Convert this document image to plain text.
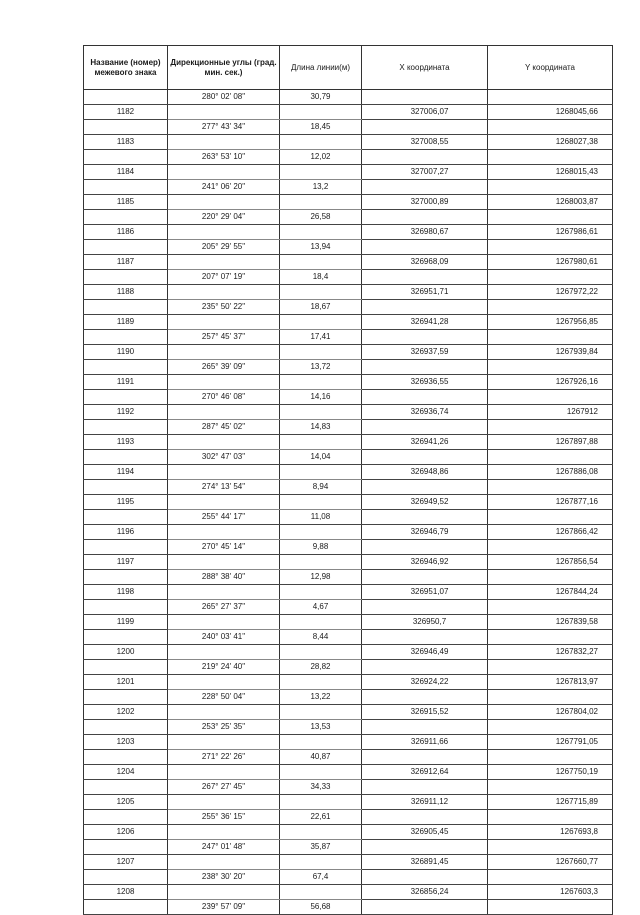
Название (номер) межевого знака	Дирекционные углы (град. мин. сек.)	Длина линии(м)	X координата	Y координата
	280° 02' 08"	30,79		
1182			327006,07	1268045,66
	277° 43' 34"	18,45		
1183			327008,55	1268027,38
	263° 53' 10"	12,02		
1184			327007,27	1268015,43
	241° 06' 20"	13,2		
1185			327000,89	1268003,87
	220° 29' 04"	26,58		
1186			326980,67	1267986,61
	205° 29' 55"	13,94		
1187			326968,09	1267980,61
	207° 07' 19"	18,4		
1188			326951,71	1267972,22
	235° 50' 22"	18,67		
1189			326941,28	1267956,85
	257° 45' 37"	17,41		
1190			326937,59	1267939,84
	265° 39' 09"	13,72		
1191			326936,55	1267926,16
	270° 46' 08"	14,16		
1192			326936,74	1267912
	287° 45' 02"	14,83		
1193			326941,26	1267897,88
	302° 47' 03"	14,04		
1194			326948,86	1267886,08
	274° 13' 54"	8,94		
1195			326949,52	1267877,16
	255° 44' 17"	11,08		
1196			326946,79	1267866,42
	270° 45' 14"	9,88		
1197			326946,92	1267856,54
	288° 38' 40"	12,98		
1198			326951,07	1267844,24
	265° 27' 37"	4,67		
1199			326950,7	1267839,58
	240° 03' 41"	8,44		
1200			326946,49	1267832,27
	219° 24' 40"	28,82		
1201			326924,22	1267813,97
	228° 50' 04"	13,22		
1202			326915,52	1267804,02
	253° 25' 35"	13,53		
1203			326911,66	1267791,05
	271° 22' 26"	40,87		
1204			326912,64	1267750,19
	267° 27' 45"	34,33		
1205			326911,12	1267715,89
	255° 36' 15"	22,61		
1206			326905,45	1267693,8
	247° 01' 48"	35,87		
1207			326891,45	1267660,77
	238° 30' 20"	67,4		
1208			326856,24	1267603,3
	239° 57' 09"	56,68		
